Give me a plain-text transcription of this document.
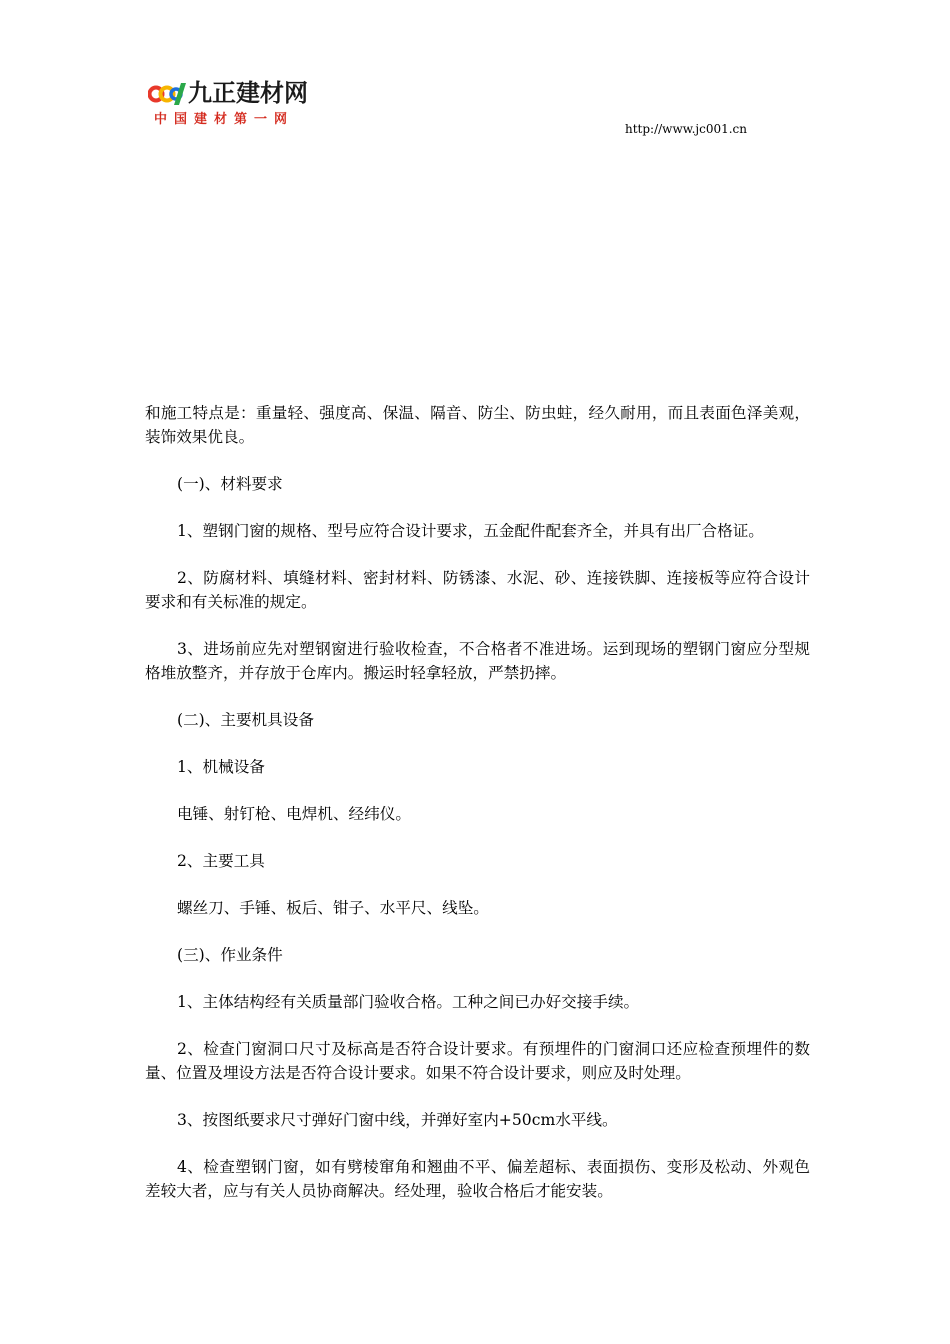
九正建材网
中国建材第一网
http://www.jc001.cn

和施工特点是：重量轻、强度高、保温、隔音、防尘、防虫蛀，经久耐用，而且表面色泽美观，装饰效果优良。

(一)、材料要求

1、塑钢门窗的规格、型号应符合设计要求，五金配件配套齐全，并具有出厂合格证。

2、防腐材料、填缝材料、密封材料、防锈漆、水泥、砂、连接铁脚、连接板等应符合设计要求和有关标准的规定。

3、进场前应先对塑钢窗进行验收检查，不合格者不准进场。运到现场的塑钢门窗应分型规格堆放整齐，并存放于仓库内。搬运时轻拿轻放，严禁扔摔。

(二)、主要机具设备

1、机械设备

电锤、射钉枪、电焊机、经纬仪。

2、主要工具

螺丝刀、手锤、板后、钳子、水平尺、线坠。

(三)、作业条件

1、主体结构经有关质量部门验收合格。工种之间已办好交接手续。

2、检查门窗洞口尺寸及标高是否符合设计要求。有预埋件的门窗洞口还应检查预埋件的数量、位置及埋设方法是否符合设计要求。如果不符合设计要求，则应及时处理。

3、按图纸要求尺寸弹好门窗中线，并弹好室内+50cm水平线。

4、检查塑钢门窗，如有劈棱窜角和翘曲不平、偏差超标、表面损伤、变形及松动、外观色差较大者，应与有关人员协商解决。经处理，验收合格后才能安装。
